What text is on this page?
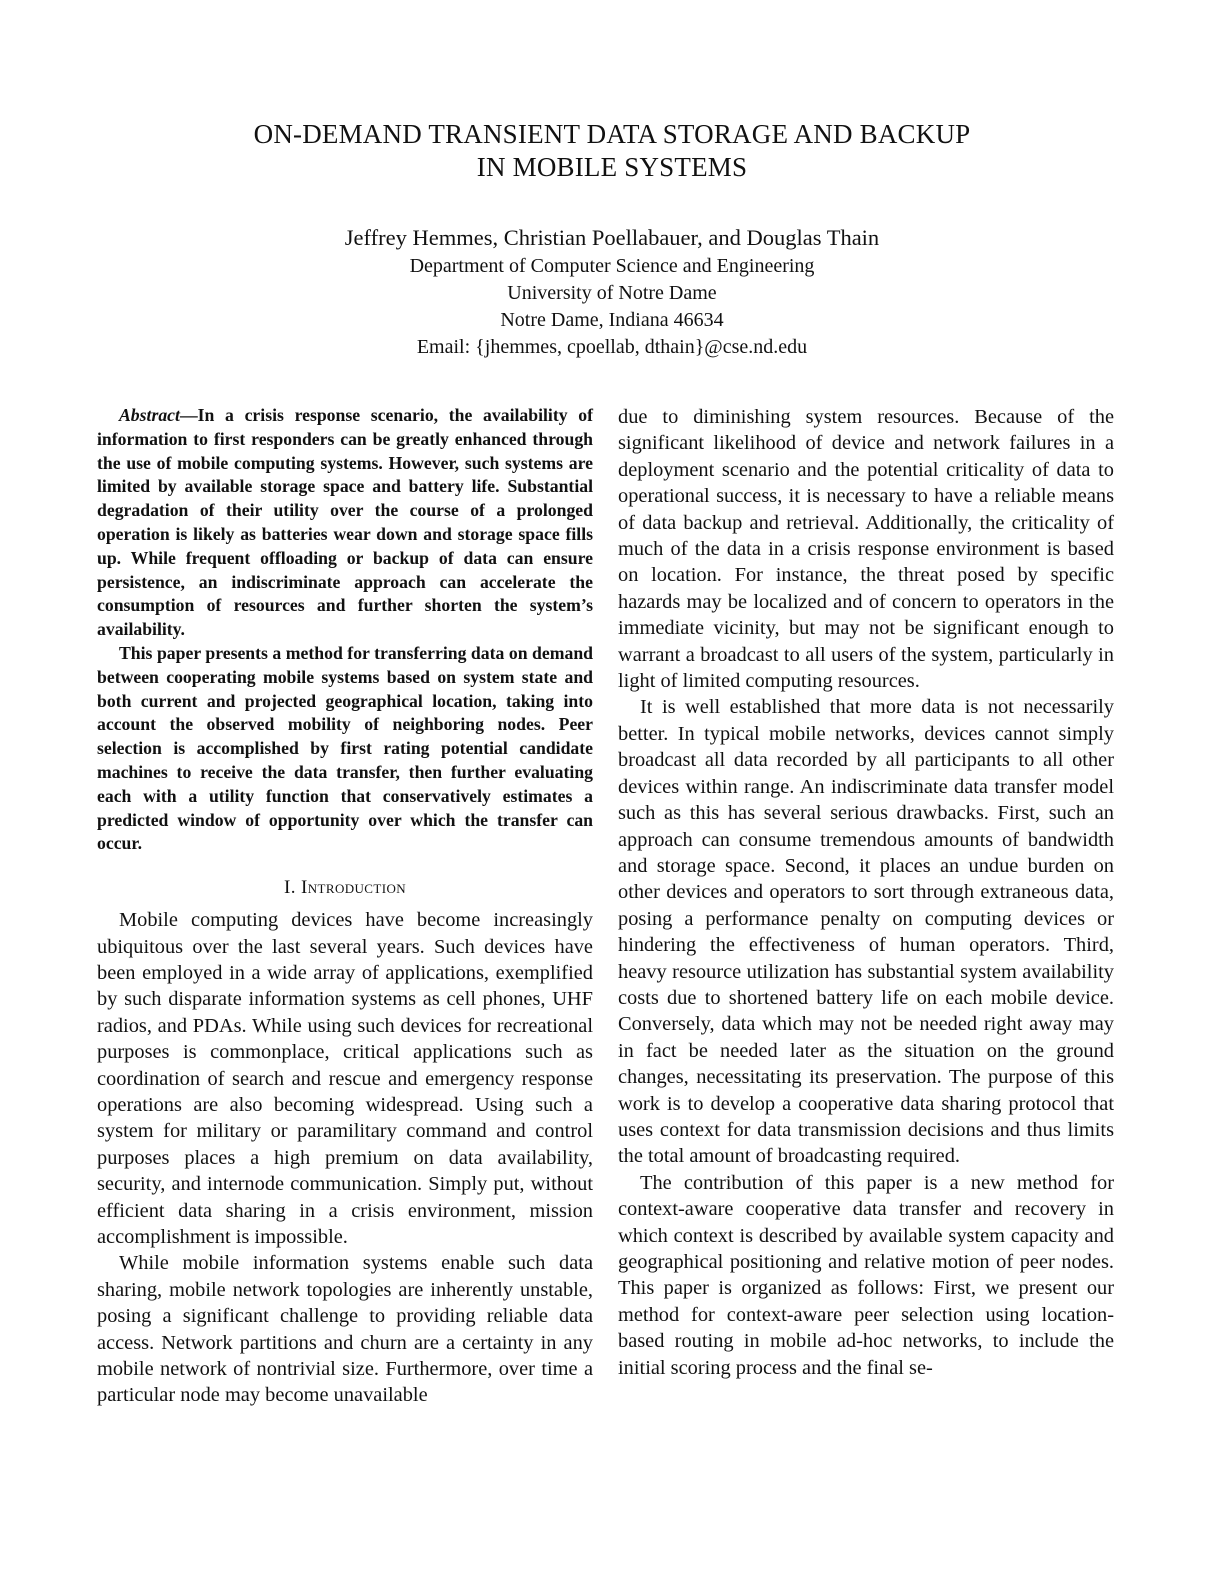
ON-DEMAND TRANSIENT DATA STORAGE AND BACKUP
IN MOBILE SYSTEMS
Jeffrey Hemmes, Christian Poellabauer, and Douglas Thain
Department of Computer Science and Engineering
University of Notre Dame
Notre Dame, Indiana 46634
Email: {jhemmes, cpoellab, dthain}@cse.nd.edu

Abstract—In a crisis response scenario, the availability of information to first responders can be greatly enhanced through the use of mobile computing systems. However, such systems are limited by available storage space and battery life. Substantial degradation of their utility over the course of a prolonged operation is likely as batteries wear down and storage space fills up. While frequent offloading or backup of data can ensure persistence, an indiscriminate approach can accelerate the consumption of resources and further shorten the system’s availability.

This paper presents a method for transferring data on demand between cooperating mobile systems based on system state and both current and projected geographical location, taking into account the observed mobility of neighboring nodes. Peer selection is accomplished by first rating potential candidate machines to receive the data transfer, then further evaluating each with a utility function that conservatively estimates a predicted window of opportunity over which the transfer can occur.

I. Introduction

Mobile computing devices have become increasingly ubiquitous over the last several years. Such devices have been employed in a wide array of applications, exemplified by such disparate information systems as cell phones, UHF radios, and PDAs. While using such devices for recreational purposes is commonplace, critical applications such as coordination of search and rescue and emergency response operations are also becoming widespread. Using such a system for military or paramilitary command and control purposes places a high premium on data availability, security, and internode communication. Simply put, without efficient data sharing in a crisis environment, mission accomplishment is impossible.

While mobile information systems enable such data sharing, mobile network topologies are inherently unstable, posing a significant challenge to providing reliable data access. Network partitions and churn are a certainty in any mobile network of nontrivial size. Furthermore, over time a particular node may become unavailable

due to diminishing system resources. Because of the significant likelihood of device and network failures in a deployment scenario and the potential criticality of data to operational success, it is necessary to have a reliable means of data backup and retrieval. Additionally, the criticality of much of the data in a crisis response environment is based on location. For instance, the threat posed by specific hazards may be localized and of concern to operators in the immediate vicinity, but may not be significant enough to warrant a broadcast to all users of the system, particularly in light of limited computing resources.

It is well established that more data is not necessarily better. In typical mobile networks, devices cannot simply broadcast all data recorded by all participants to all other devices within range. An indiscriminate data transfer model such as this has several serious drawbacks. First, such an approach can consume tremendous amounts of bandwidth and storage space. Second, it places an undue burden on other devices and operators to sort through extraneous data, posing a performance penalty on computing devices or hindering the effectiveness of human operators. Third, heavy resource utilization has substantial system availability costs due to shortened battery life on each mobile device. Conversely, data which may not be needed right away may in fact be needed later as the situation on the ground changes, necessitating its preservation. The purpose of this work is to develop a cooperative data sharing protocol that uses context for data transmission decisions and thus limits the total amount of broadcasting required.

The contribution of this paper is a new method for context-aware cooperative data transfer and recovery in which context is described by available system capacity and geographical positioning and relative motion of peer nodes. This paper is organized as follows: First, we present our method for context-aware peer selection using location-based routing in mobile ad-hoc networks, to include the initial scoring process and the final se-
